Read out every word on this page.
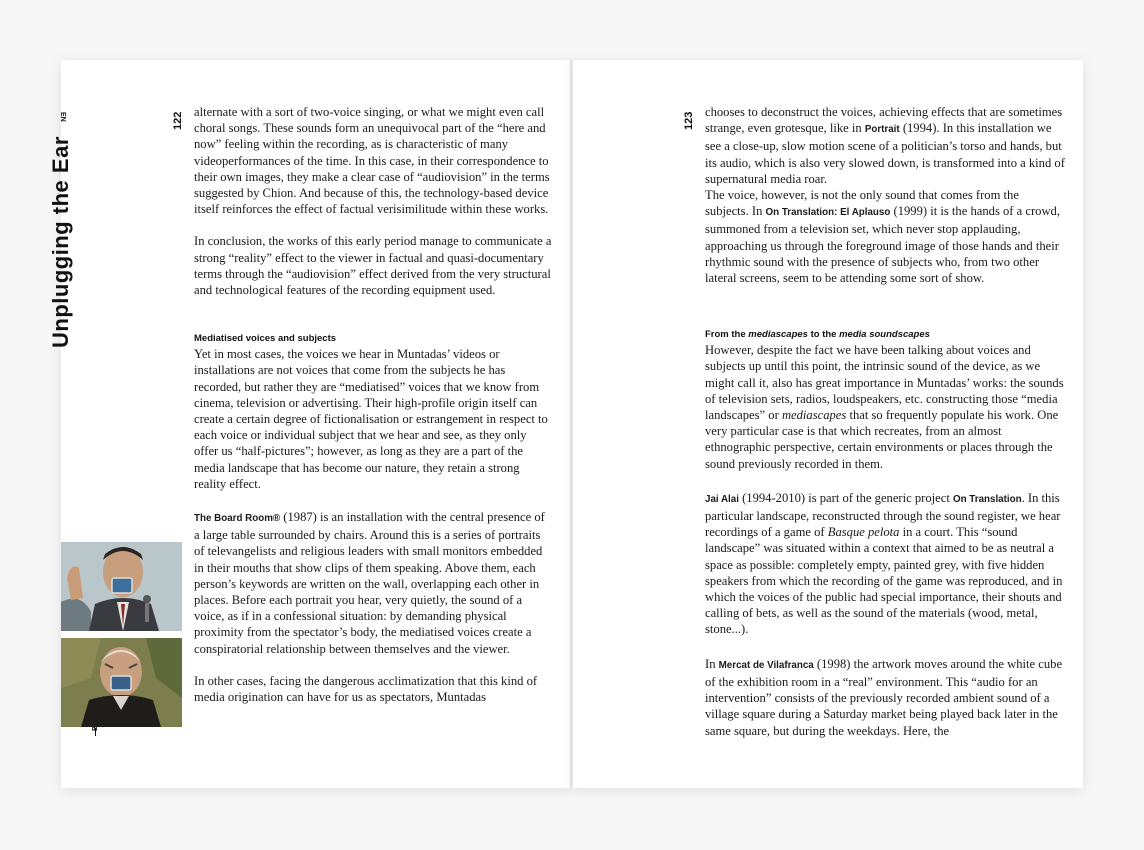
Unplugging the Ear
EN	122	123

alternate with a sort of two-voice singing, or what we might even call choral songs. These sounds form an unequivocal part of the “here and now” feeling within the recording, as is characteristic of many videoperformances of the time. In this case, in their correspondence to their own images, they make a clear case of “audiovision” in the terms suggested by Chion. And because of this, the technology-based device itself reinforces the effect of factual verisimilitude within these works.

In conclusion, the works of this early period manage to communicate a strong “reality” effect to the viewer in factual and quasi-documentary terms through the “audiovision” effect derived from the very structural and technological features of the recording equipment used.

Mediatised voices and subjects

Yet in most cases, the voices we hear in Muntadas’ videos or installations are not voices that come from the subjects he has recorded, but rather they are “mediatised” voices that we know from cinema, television or advertising. Their high-profile origin itself can create a certain degree of fictionalisation or estrangement in respect to each voice or individual subject that we hear and see, as they only offer us “half-pictures”; however, as long as they are a part of the media landscape that has become our nature, they retain a strong reality effect.

The Board Room® (1987) is an installation with the central presence of a large table surrounded by chairs. Around this is a series of portraits of televangelists and religious leaders with small monitors embedded in their mouths that show clips of them speaking. Above them, each person’s keywords are written on the wall, overlapping each other in places. Before each portrait you hear, very quietly, the sound of a voice, as if in a confessional situation: by demanding physical proximity from the spectator’s body, the mediatised voices create a conspiratorial relationship between themselves and the viewer.

In other cases, facing the dangerous acclimatization that this kind of media origination can have for us as spectators, Muntadas

B

chooses to deconstruct the voices, achieving effects that are sometimes strange, even grotesque, like in Portrait (1994). In this installation we see a close-up, slow motion scene of a politician’s torso and hands, but its audio, which is also very slowed down, is transformed into a kind of supernatural media roar.

The voice, however, is not the only sound that comes from the subjects. In On Translation: El Aplauso (1999) it is the hands of a crowd, summoned from a television set, which never stop applauding, approaching us through the foreground image of those hands and their rhythmic sound with the presence of subjects who, from two other lateral screens, seem to be attending some sort of show.

From the mediascapes to the media soundscapes

However, despite the fact we have been talking about voices and subjects up until this point, the intrinsic sound of the device, as we might call it, also has great importance in Muntadas’ works: the sounds of television sets, radios, loudspeakers, etc. constructing those “media landscapes” or mediascapes that so frequently populate his work. One very particular case is that which recreates, from an almost ethnographic perspective, certain environments or places through the sound previously recorded in them.

Jai Alai (1994-2010) is part of the generic project On Translation. In this particular landscape, reconstructed through the sound register, we hear recordings of a game of Basque pelota in a court. This “sound landscape” was situated within a context that aimed to be as neutral a space as possible: completely empty, painted grey, with five hidden speakers from which the recording of the game was reproduced, and in which the voices of the public had special importance, their shouts and calling of bets, as well as the sound of the materials (wood, metal, stone...).

In Mercat de Vilafranca (1998) the artwork moves around the white cube of the exhibition room in a “real” environment. This “audio for an intervention” consists of the previously recorded ambient sound of a village square during a Saturday market being played back later in the same square, but during the weekdays. Here, the
